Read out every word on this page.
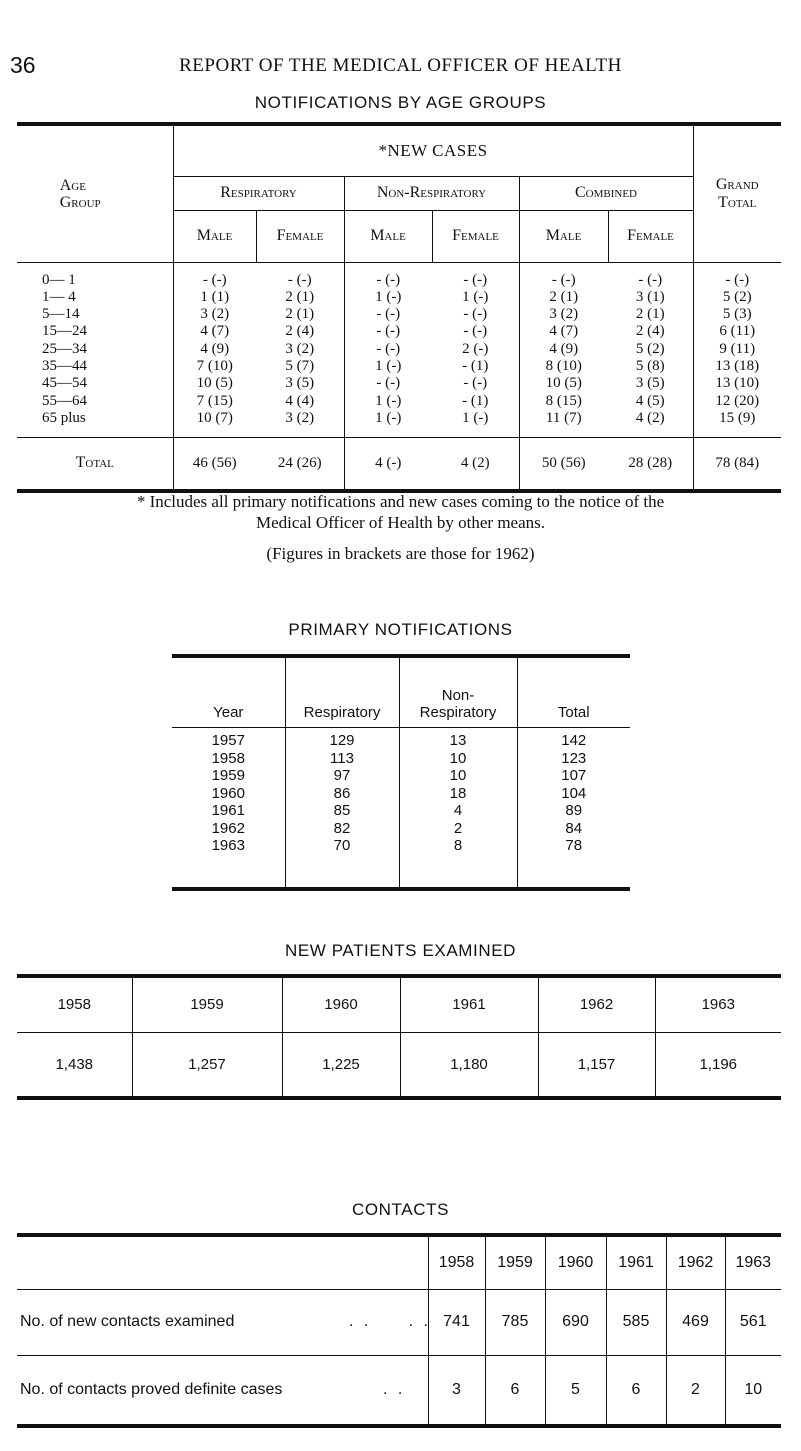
36	REPORT OF THE MEDICAL OFFICER OF HEALTH
NOTIFICATIONS BY AGE GROUPS
Age Group	*NEW CASES						Grand Total
	Respiratory		Non-Respiratory		Combined		
	Male	Female	Male	Female	Male	Female	
0— 1	- (-)	- (-)	- (-)	- (-)	- (-)	- (-)	- (-)
1— 4	1 (1)	2 (1)	1 (-)	1 (-)	2 (1)	3 (1)	5 (2)
5—14	3 (2)	2 (1)	- (-)	- (-)	3 (2)	2 (1)	5 (3)
15—24	4 (7)	2 (4)	- (-)	- (-)	4 (7)	2 (4)	6 (11)
25—34	4 (9)	3 (2)	- (-)	2 (-)	4 (9)	5 (2)	9 (11)
35—44	7 (10)	5 (7)	1 (-)	- (1)	8 (10)	5 (8)	13 (18)
45—54	10 (5)	3 (5)	- (-)	- (-)	10 (5)	3 (5)	13 (10)
55—64	7 (15)	4 (4)	1 (-)	- (1)	8 (15)	4 (5)	12 (20)
65 plus	10 (7)	3 (2)	1 (-)	1 (-)	11 (7)	4 (2)	15 (9)

Total	46 (56)	24 (26)	4 (-)	4 (2)	50 (56)	28 (28)	78 (84)
* Includes all primary notifications and new cases coming to the notice of the
Medical Officer of Health by other means.
(Figures in brackets are those for 1962)
PRIMARY NOTIFICATIONS
Year	Respiratory	Non-Respiratory	Total
1957	129	13	142
1958	113	10	123
1959	97	10	107
1960	86	18	104
1961	85	4	89
1962	82	2	84
1963	70	8	78

NEW PATIENTS EXAMINED
1958	1959	1960	1961	1962	1963
1,438	1,257	1,225	1,180	1,157	1,196
CONTACTS
	1958	1959	1960	1961	1962	1963
No. of new contacts examined . .     . .	741	785	690	585	469	561
No. of contacts proved definite cases . .	3	6	5	6	2	10
